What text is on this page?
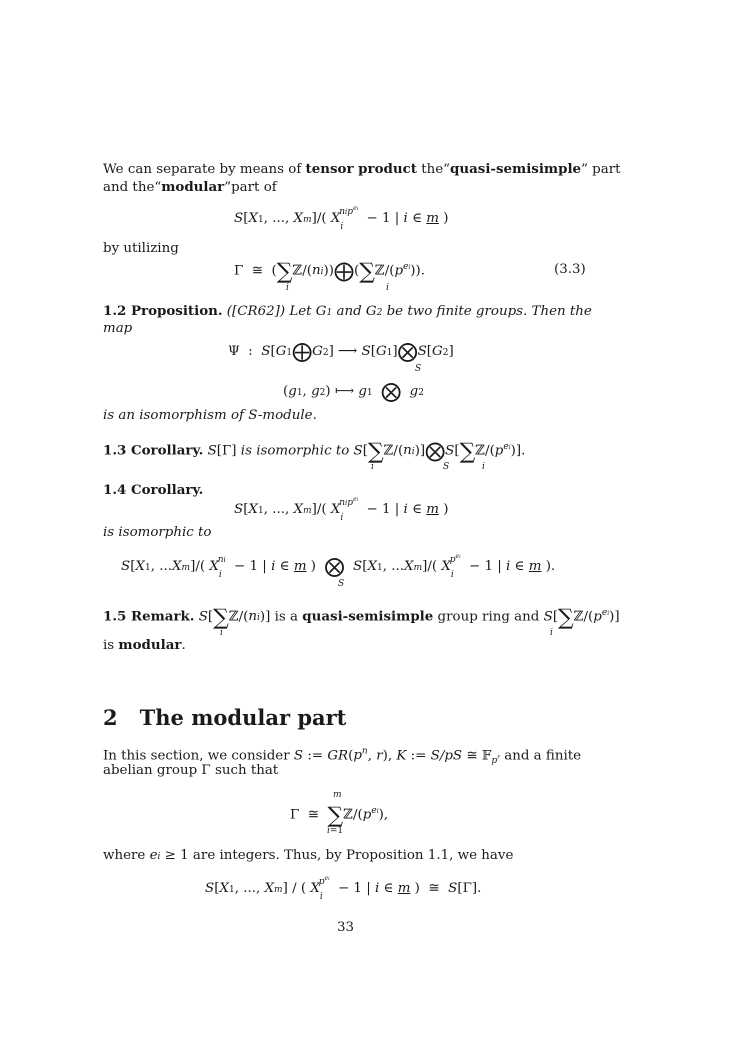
We can separate by means of tensor product the“quasi-semisimple” part
and the“modular”part of
S[X1, ..., Xm]/( $X_i^{nip^{ei}} - 1$ | i ∈ m )
by utilizing
Γ  ≅  $(\sum ℤ/(ni))⨁(\sum ℤ/(p^{ei}))$.
i	i
(3.3)
1.2 Proposition. ([CR62]) Let G1 and G2 be two finite groups. Then the
map
Ψ  :  S[G1⨁G2] ⟶ S[G1]⨂S[G2]
S
(g1, g2) ⟼ g1 ⨂ g2
is an isomorphism of S-module.
1.3 Corollary. S[Γ] is isomorphic to $S[\sum ℤ/(ni)]⨂S[\sum ℤ/(p^{ei})]$.
i	S	i
1.4 Corollary.
S[X1, ..., Xm]/( $X_i^{nip^{ei}} - 1$ | i ∈ m )
is isomorphic to
S[X1, ...Xm]/( $X_i^{ni} - 1$ | i ∈ m )  ⨂ S[X1, ...Xm]/( $X_i^{p^{ei}} - 1$ | i ∈ m ).
S
1.5 Remark. S[∑ℤ/(ni)] is a quasi-semisimple group ring and $S[\sum ℤ/(p^{ei})]$
i	i
is modular.
2 The modular part
In this section, we consider S := $GR(p^n$, r), K := S/pS ≅ 𝔽$_{p^r}$ and a finite
abelian group Γ such that
Γ  ≅  $\sum ℤ/(p^{ei})$,
m
i=1
where ei ≥ 1 are integers. Thus, by Proposition 1.1, we have
S[X1, ..., Xm] / ( $X_i^{p^{ei}} - 1$ | i ∈ m )  ≅  S[Γ].
33
